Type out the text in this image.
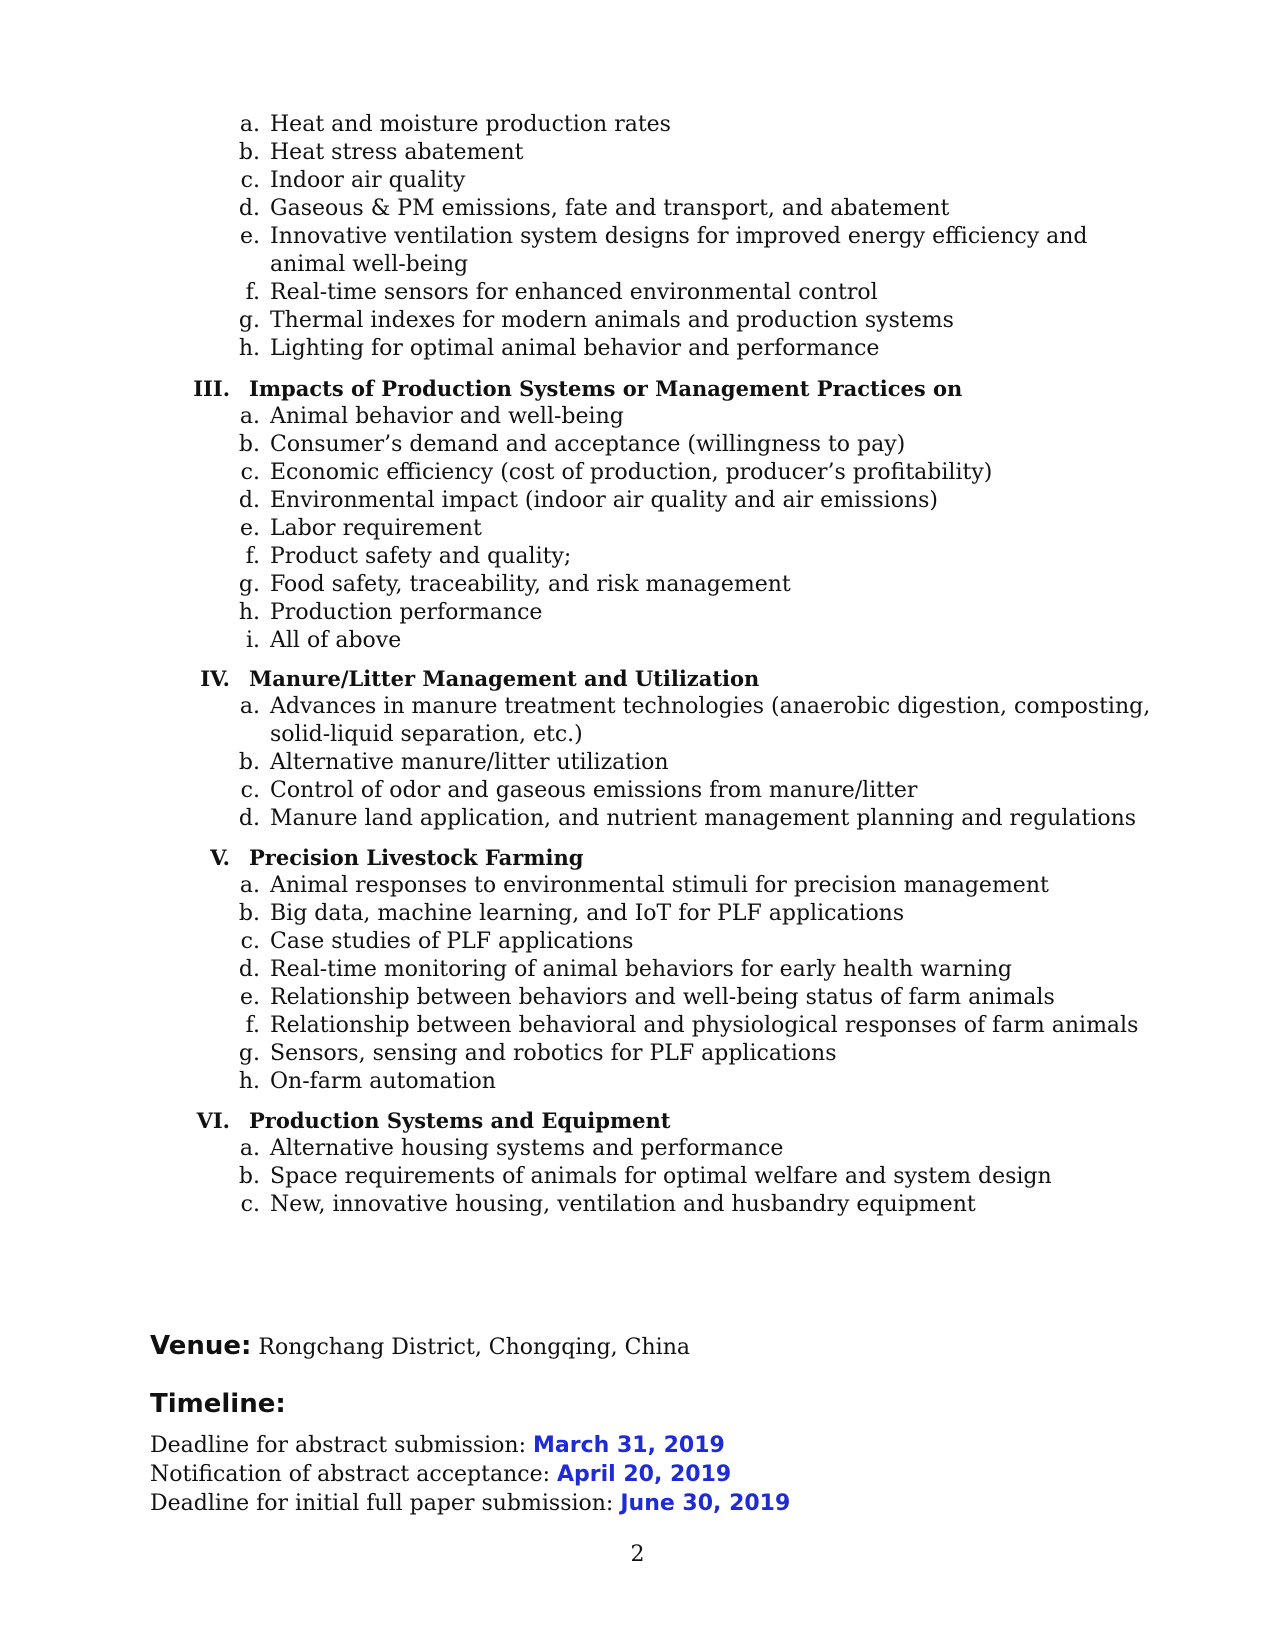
a. Heat and moisture production rates
b. Heat stress abatement
c. Indoor air quality
d. Gaseous & PM emissions, fate and transport, and abatement
e. Innovative ventilation system designs for improved energy efficiency and
animal well-being
f. Real-time sensors for enhanced environmental control
g. Thermal indexes for modern animals and production systems
h. Lighting for optimal animal behavior and performance
III. Impacts of Production Systems or Management Practices on
a. Animal behavior and well-being
b. Consumer’s demand and acceptance (willingness to pay)
c. Economic efficiency (cost of production, producer’s profitability)
d. Environmental impact (indoor air quality and air emissions)
e. Labor requirement
f. Product safety and quality;
g. Food safety, traceability, and risk management
h. Production performance
i. All of above
IV. Manure/Litter Management and Utilization
a. Advances in manure treatment technologies (anaerobic digestion, composting,
solid-liquid separation, etc.)
b. Alternative manure/litter utilization
c. Control of odor and gaseous emissions from manure/litter
d. Manure land application, and nutrient management planning and regulations
V. Precision Livestock Farming
a. Animal responses to environmental stimuli for precision management
b. Big data, machine learning, and IoT for PLF applications
c. Case studies of PLF applications
d. Real-time monitoring of animal behaviors for early health warning
e. Relationship between behaviors and well-being status of farm animals
f. Relationship between behavioral and physiological responses of farm animals
g. Sensors, sensing and robotics for PLF applications
h. On-farm automation
VI. Production Systems and Equipment
a. Alternative housing systems and performance
b. Space requirements of animals for optimal welfare and system design
c. New, innovative housing, ventilation and husbandry equipment
Venue: Rongchang District, Chongqing, China
Timeline:
Deadline for abstract submission: March 31, 2019
Notification of abstract acceptance: April 20, 2019
Deadline for initial full paper submission: June 30, 2019
2
